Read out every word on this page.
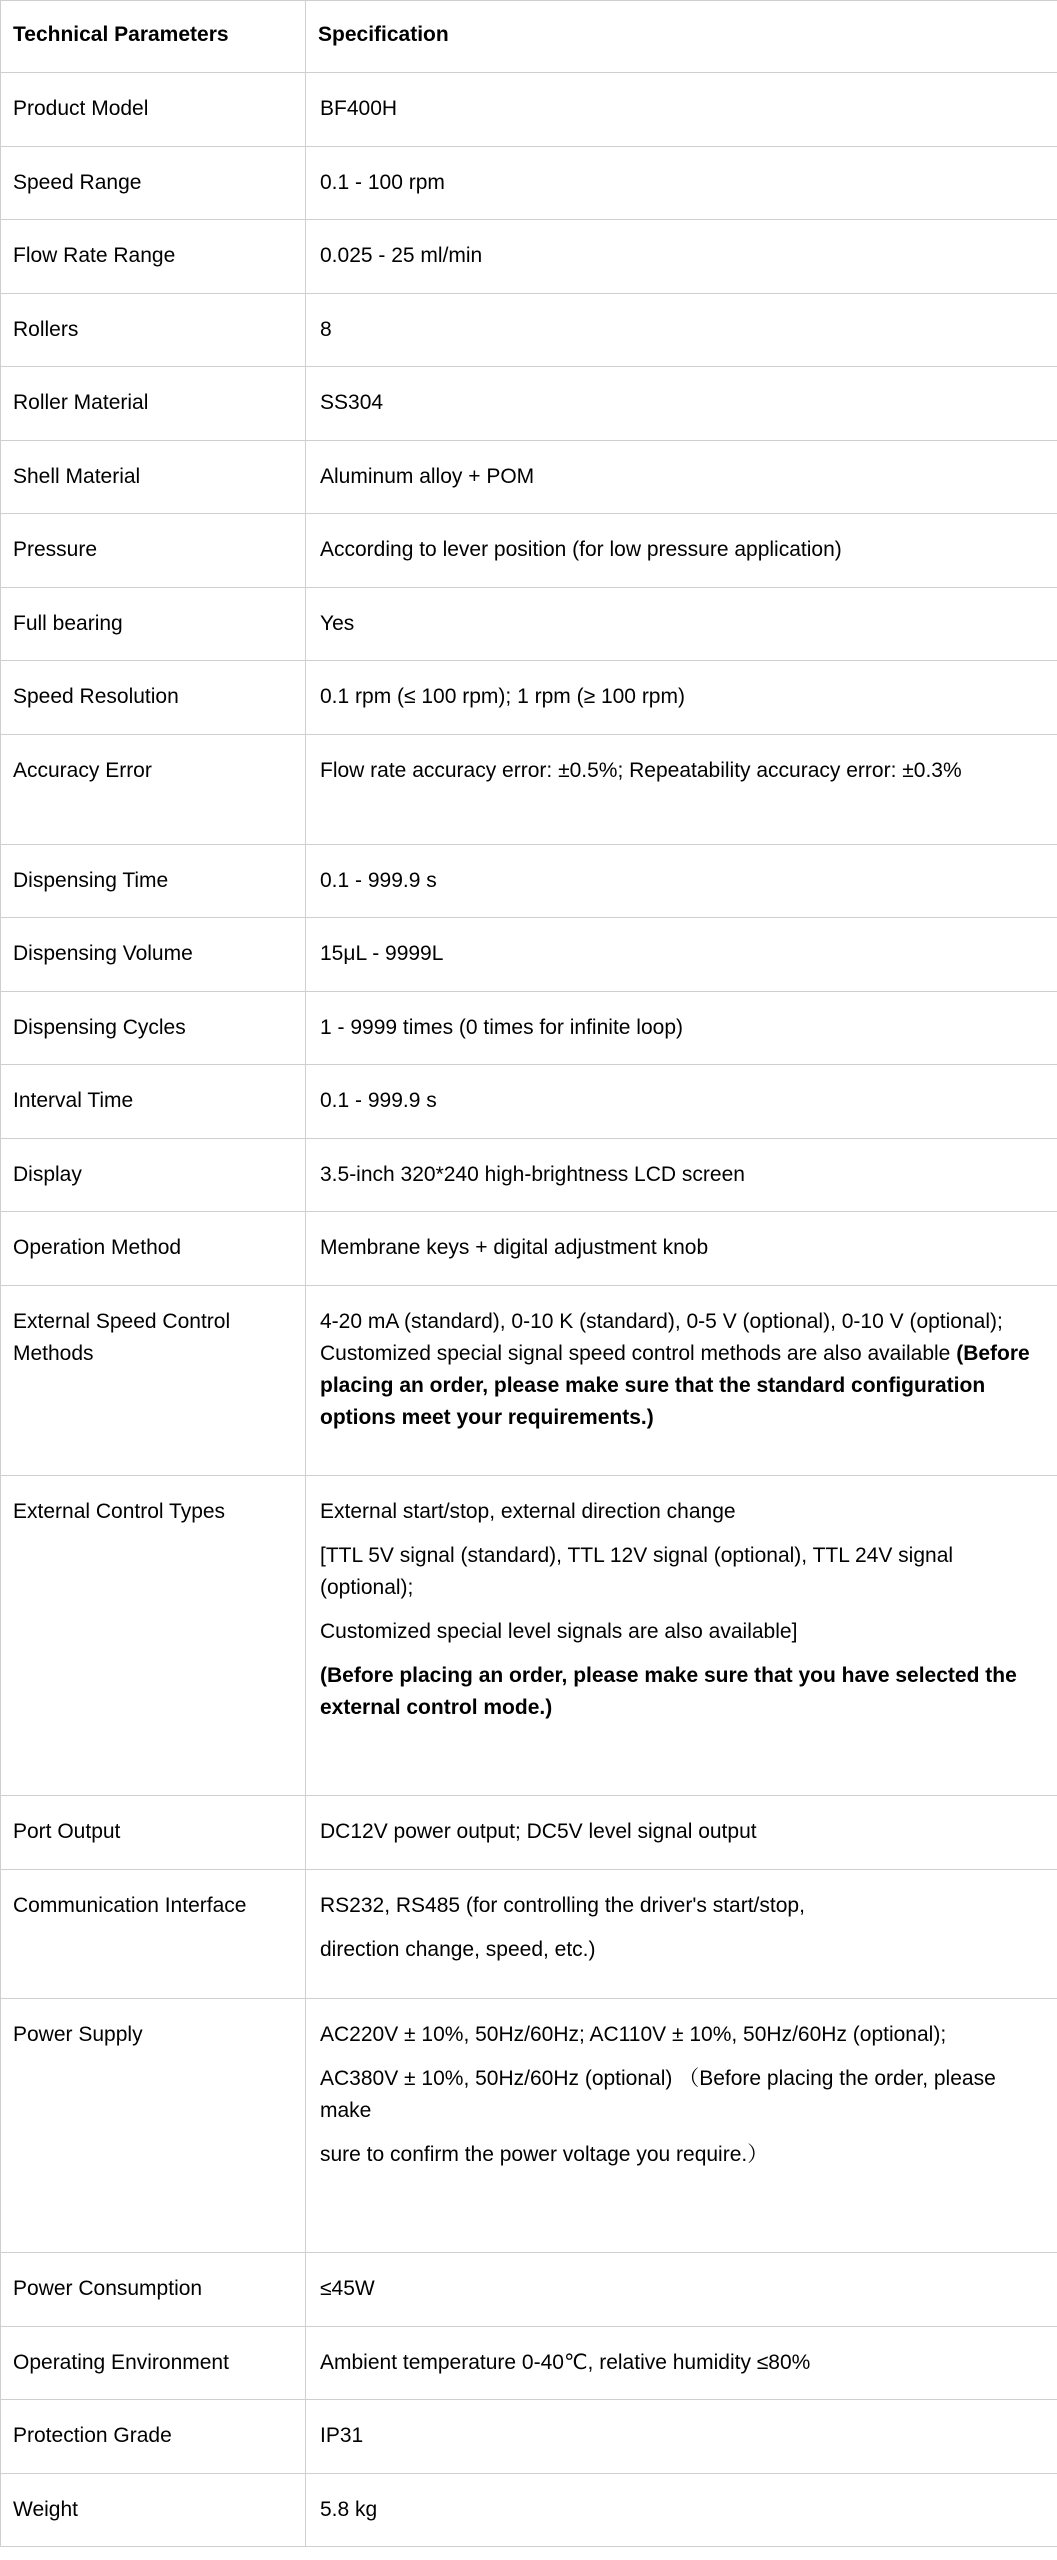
Technical Parameters	Specification
Product Model	BF400H
Speed Range	0.1 - 100 rpm
Flow Rate Range	0.025 - 25 ml/min
Rollers	8
Roller Material	SS304
Shell Material	Aluminum alloy + POM
Pressure	According to lever position (for low pressure application)
Full bearing	Yes
Speed Resolution	0.1 rpm (≤ 100 rpm); 1 rpm (≥ 100 rpm)
Accuracy Error	Flow rate accuracy error: ±0.5%; Repeatability accuracy error: ±0.3%
Dispensing Time	0.1 - 999.9 s
Dispensing Volume	15μL - 9999L
Dispensing Cycles	1 - 9999 times (0 times for infinite loop)
Interval Time	0.1 - 999.9 s
Display	3.5-inch 320*240 high-brightness LCD screen
Operation Method	Membrane keys + digital adjustment knob
External Speed Control Methods	4-20 mA (standard), 0-10 K (standard), 0-5 V (optional), 0-10 V (optional); Customized special signal speed control methods are also available (Before placing an order, please make sure that the standard configuration options meet your requirements.)
External Control Types	External start/stop, external direction change
[TTL 5V signal (standard), TTL 12V signal (optional), TTL 24V signal (optional);
Customized special level signals are also available]
(Before placing an order, please make sure that you have selected the external control mode.)

Port Output	DC12V power output; DC5V level signal output
Communication Interface	RS232, RS485 (for controlling the driver's start/stop,
direction change, speed, etc.)

Power Supply	AC220V ± 10%, 50Hz/60Hz; AC110V ± 10%, 50Hz/60Hz (optional);
AC380V ± 10%, 50Hz/60Hz (optional) （Before placing the order, please make
sure to confirm the power voltage you require.）

Power Consumption	≤45W
Operating Environment	Ambient temperature 0-40℃, relative humidity ≤80%
Protection Grade	IP31
Weight	5.8 kg
